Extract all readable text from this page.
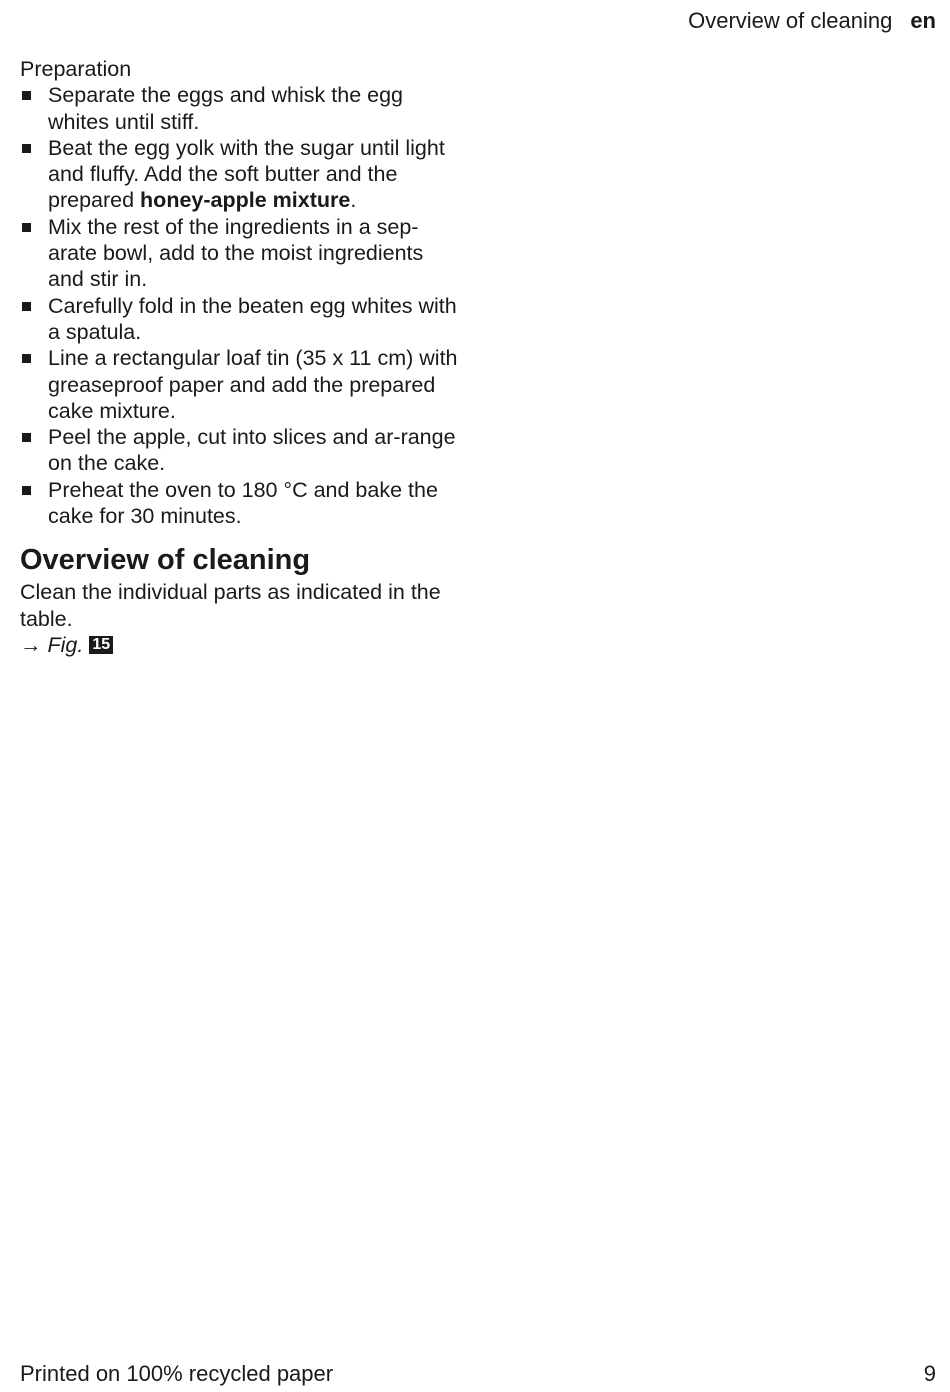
Overview of cleaning en

Preparation

Separate the eggs and whisk the egg whites until stiff.
Beat the egg yolk with the sugar until light and fluffy. Add the soft butter and the prepared honey-apple mixture.
Mix the rest of the ingredients in a sep-arate bowl, add to the moist ingredients and stir in.
Carefully fold in the beaten egg whites with a spatula.
Line a rectangular loaf tin (35 x 11 cm) with greaseproof paper and add the prepared cake mixture.
Peel the apple, cut into slices and ar-range on the cake.
Preheat the oven to 180 °C and bake the cake for 30 minutes.
Overview of cleaning

Clean the individual parts as indicated in the table.

→ Fig. 15

Printed on 100% recycled paper	9
